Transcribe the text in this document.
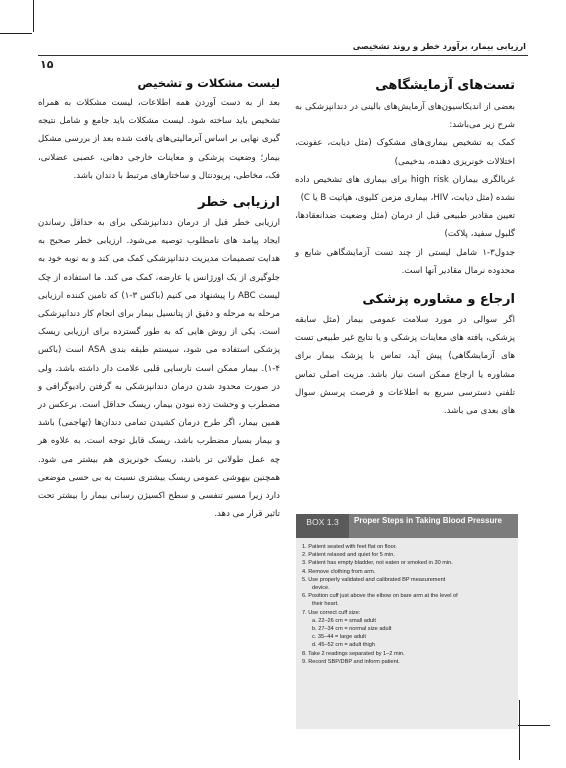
ارزیابی بیمار، برآورد خطر و روند تشخیصی
۱۵
تست‌های آزمایشگاهی

بعضی از اندیکاسیون‌های آزمایش‌های بالینی در دندانپزشکی به شرح زیر می‌باشد:

کمک به تشخیص بیماری‌های مشکوک (مثل دیابت، عفونت، اختلالات خونریزی دهنده، بدخیمی)

غربالگری بیماران high risk برای بیماری های تشخیص داده نشده (مثل دیابت، HIV، بیماری مزمن کلیوی، هپاتیت B یا C)

تعیین مقادیر طبیعی قبل از درمان (مثل وضعیت ضدانعقادها، گلبول سفید، پلاکت)

جدول۳-۱ شامل لیستی از چند تست آزمایشگاهی شایع و محدوده نرمال مقادیر آنها است.

ارجاع و مشاوره پزشکی

اگر سوالی در مورد سلامت عمومی بیمار (مثل سابقه پزشکی، یافته های معاینات پزشکی و یا نتایج غیر طبیعی تست های آزمایشگاهی) پیش آید، تماس با پزشک بیمار برای مشاوره یا ارجاع ممکن است نیاز باشد. مزیت اصلی تماس تلفنی دسترسی سریع به اطلاعات و فرصت پرسش سوال های بعدی می باشد.

لیست مشکلات و تشخیص

بعد از به دست آوردن همه اطلاعات، لیست مشکلات به همراه تشخیص باید ساخته شود. لیست مشکلات باید جامع و شامل نتیجه گیری نهایی بر اساس آنرمالیتی‌های یافت شده بعد از بررسی مشکل بیمار؛ وضعیت پزشکی و معاینات خارجی دهانی، عصبی عضلانی، فک، مخاطی، پریودنتال و ساختارهای مرتبط با دندان باشد.

ارزیابی خطر

ارزیابی خطر قبل از درمان دندانپزشکی برای به حداقل رساندن ایجاد پیامد های نامطلوب توصیه می‌شود. ارزیابی خطر صحیح به هدایت تصمیمات مدیریت دندانپزشکی کمک می کند و به نوبه خود به جلوگیری از یک اورژانس یا عارضه، کمک می کند. ما استفاده از چک لیست ABC را پیشنهاد می کنیم (باکس ۳-۱) که تامین کننده ارزیابی مرحله به مرحله و دقیق از پتانسیل بیمار برای انجام کار دندانپزشکی است. یکی از روش هایی که به طور گسترده برای ارزیابی ریسک پزشکی استفاده می شود، سیستم طبقه بندی ASA است (باکس ۴-۱). بیمار ممکن است نارسایی قلبی علامت دار داشته باشد، ولی در صورت محدود شدن درمان دندانپزشکی به گرفتن رادیوگرافی و مضطرب و وحشت زده نبودن بیمار، ریسک حداقل است. برعکس در همین بیمار، اگر طرح درمان کشیدن تمامی دندان‌ها (تهاجمی) باشد و بیمار بسیار مضطرب باشد، ریسک قابل توجه است. به علاوه هر چه عمل طولانی تر باشد، ریسک خونریزی هم بیشتر می شود. همچنین بیهوشی عمومی ریسک بیشتری نسبت به بی حسی موضعی دارد زیرا مسیر تنفسی و سطح اکسیژن رسانی بیمار را بیشتر تحت تاثیر قرار می دهد.

BOX 1.3	Proper Steps in Taking Blood Pressure
1. Patient seated with feet flat on floor.
2. Patient relaxed and quiet for 5 min.
3. Patient has empty bladder, not eaten or smoked in 30 min.
4. Remove clothing from arm.
5. Use properly validated and calibrated BP measurement
device.
6. Position cuff just above the elbow on bare arm at the level of
their heart.
7. Use correct cuff size:
a. 22–26 cm = small adult
b. 27–34 cm = normal size adult
c. 35–44 = large adult
d. 45–52 cm = adult thigh
8. Take 2 readings separated by 1–2 min.
9. Record SBP/DBP and inform patient.
